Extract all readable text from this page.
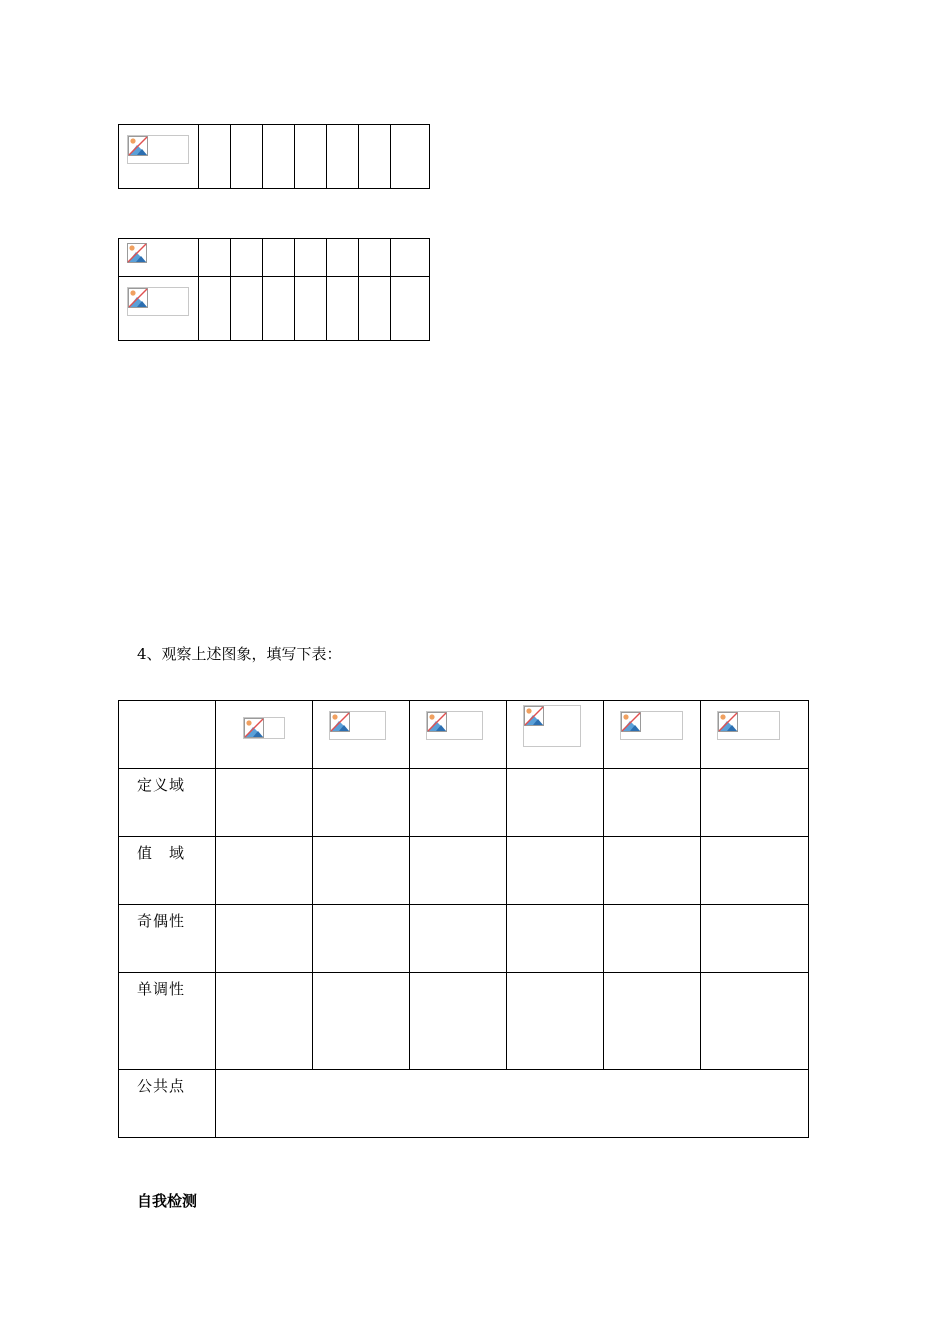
4、观察上述图象，填写下表：

定义域						

值　域						

奇偶性						

单调性						

公共点						

自我检测
